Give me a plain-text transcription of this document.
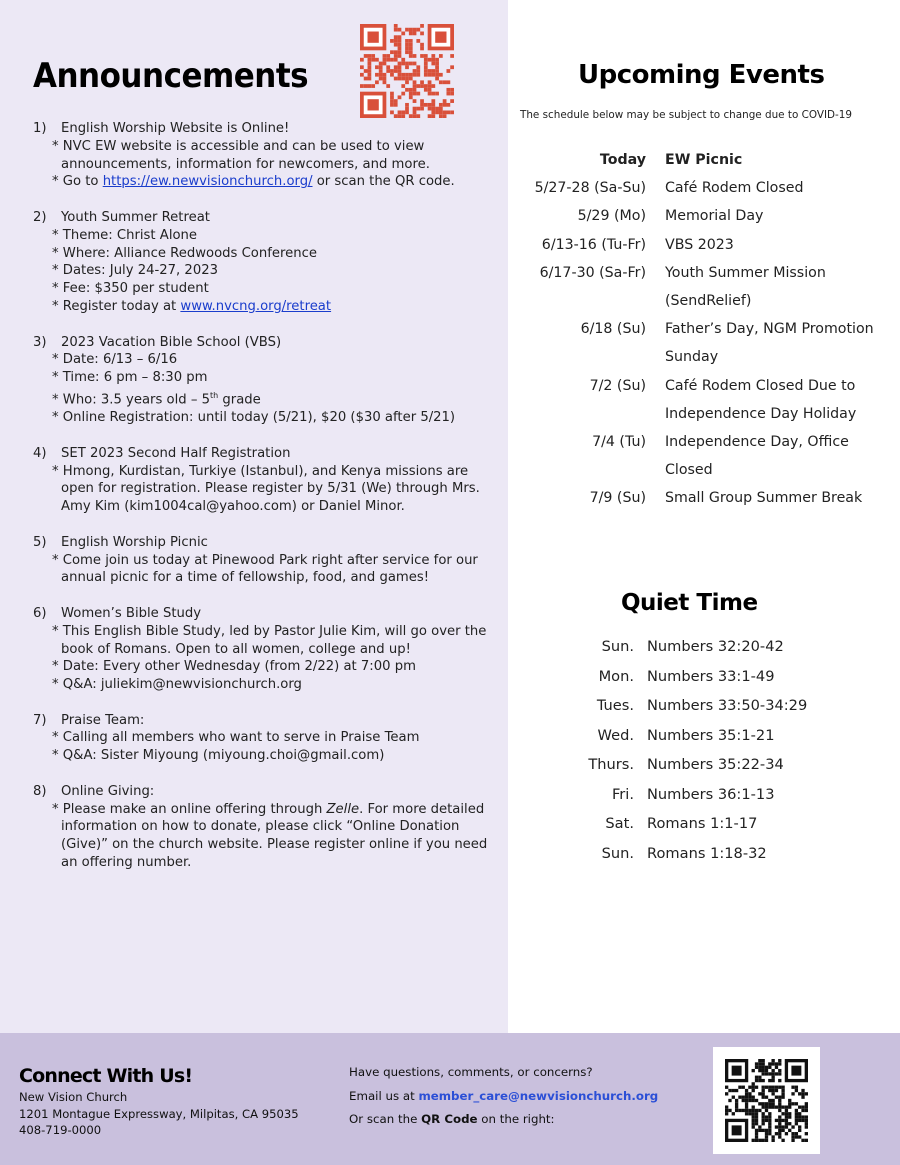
Announcements
1)	English Worship Website is Online!
* NVC EW website is accessible and can be used to view announcements, information for newcomers, and more.
* Go to https://ew.newvisionchurch.org/ or scan the QR code.
2)	Youth Summer Retreat
* Theme: Christ Alone
* Where: Alliance Redwoods Conference
* Dates: July 24-27, 2023
* Fee: $350 per student
* Register today at www.nvcng.org/retreat
3)	2023 Vacation Bible School (VBS)
* Date: 6/13 – 6/16
* Time: 6 pm – 8:30 pm
* Who: 3.5 years old – 5th grade
* Online Registration: until today (5/21), $20 ($30 after 5/21)
4)	SET 2023 Second Half Registration
* Hmong, Kurdistan, Turkiye (Istanbul), and Kenya missions are open for registration. Please register by 5/31 (We) through Mrs. Amy Kim (kim1004cal@yahoo.com) or Daniel Minor.
5)	English Worship Picnic
* Come join us today at Pinewood Park right after service for our annual picnic for a time of fellowship, food, and games!
6)	Women’s Bible Study
* This English Bible Study, led by Pastor Julie Kim, will go over the book of Romans. Open to all women, college and up!
* Date: Every other Wednesday (from 2/22) at 7:00 pm
* Q&A: juliekim@newvisionchurch.org
7)	Praise Team:
* Calling all members who want to serve in Praise Team
* Q&A: Sister Miyoung (miyoung.choi@gmail.com)
8)	Online Giving:
* Please make an online offering through Zelle. For more detailed information on how to donate, please click “Online Donation (Give)” on the church website. Please register online if you need an offering number.
Upcoming Events
The schedule below may be subject to change due to COVID-19
Today	EW Picnic
5/27-28 (Sa-Su)	Café Rodem Closed
5/29 (Mo)	Memorial Day
6/13-16 (Tu-Fr)	VBS 2023
6/17-30 (Sa-Fr)	Youth Summer Mission (SendRelief)
6/18 (Su)	Father’s Day, NGM Promotion Sunday
7/2 (Su)	Café Rodem Closed Due to Independence Day Holiday
7/4 (Tu)	Independence Day, Office Closed
7/9 (Su)	Small Group Summer Break
Quiet Time
Sun. Numbers 32:20-42
Mon. Numbers 33:1-49
Tues. Numbers 33:50-34:29
Wed. Numbers 35:1-21
Thurs. Numbers 35:22-34
Fri. Numbers 36:1-13
Sat. Romans 1:1-17
Sun. Romans 1:18-32
Connect With Us!
New Vision Church
1201 Montague Expressway, Milpitas, CA 95035
408-719-0000
Have questions, comments, or concerns?
Email us at member_care@newvisionchurch.org
Or scan the QR Code on the right:
